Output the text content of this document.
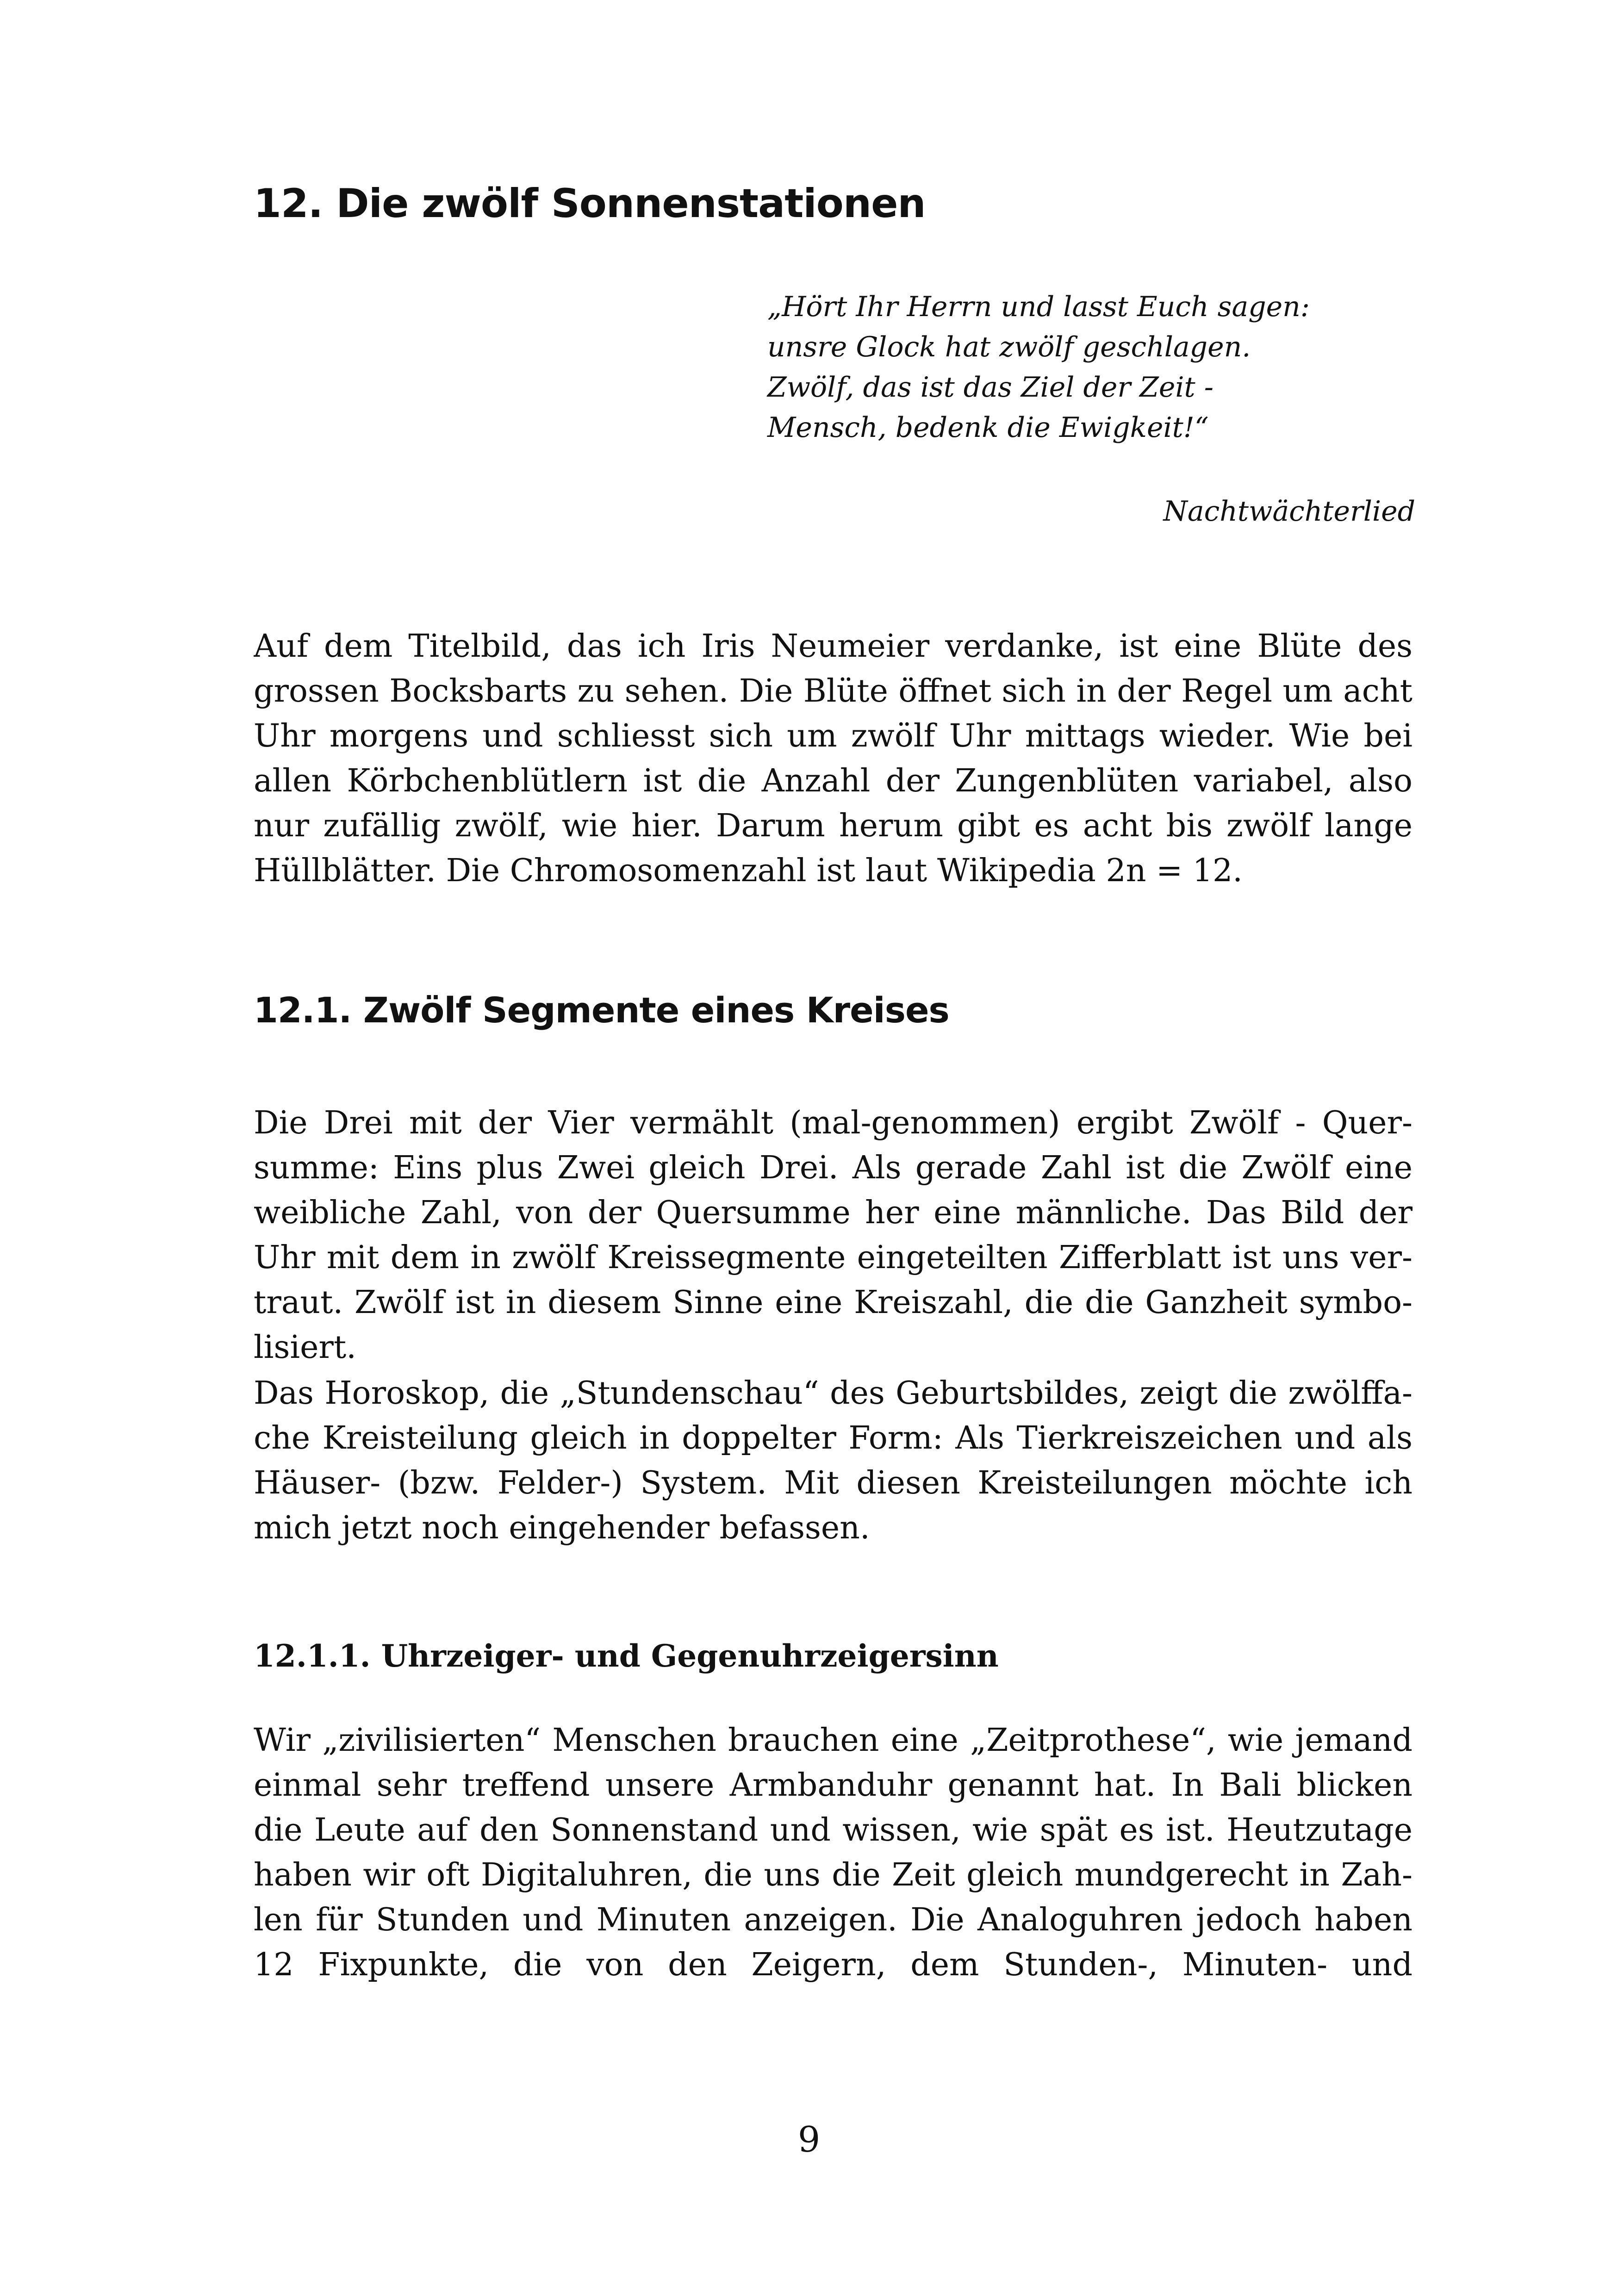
12. Die zwölf Sonnenstationen
„Hört Ihr Herrn und lasst Euch sagen:
unsre Glock hat zwölf geschlagen.
Zwölf, das ist das Ziel der Zeit -
Mensch, bedenk die Ewigkeit!“
Nachtwächterlied
Auf dem Titelbild, das ich Iris Neumeier verdanke, ist eine Blüte des
grossen Bocksbarts zu sehen. Die Blüte öffnet sich in der Regel um acht
Uhr morgens und schliesst sich um zwölf Uhr mittags wieder. Wie bei
allen Körbchenblütlern ist die Anzahl der Zungenblüten variabel, also
nur zufällig zwölf, wie hier. Darum herum gibt es acht bis zwölf lange
Hüllblätter. Die Chromosomenzahl ist laut Wikipedia 2n = 12.
12.1. Zwölf Segmente eines Kreises
Die Drei mit der Vier vermählt (mal-genommen) ergibt Zwölf - Quer-
summe: Eins plus Zwei gleich Drei. Als gerade Zahl ist die Zwölf eine
weibliche Zahl, von der Quersumme her eine männliche. Das Bild der
Uhr mit dem in zwölf Kreissegmente eingeteilten Zifferblatt ist uns ver-
traut. Zwölf ist in diesem Sinne eine Kreiszahl, die die Ganzheit symbo-
lisiert.
Das Horoskop, die „Stundenschau“ des Geburtsbildes, zeigt die zwölffa-
che Kreisteilung gleich in doppelter Form: Als Tierkreiszeichen und als
Häuser- (bzw. Felder-) System. Mit diesen Kreisteilungen möchte ich
mich jetzt noch eingehender befassen.
12.1.1. Uhrzeiger- und Gegenuhrzeigersinn
Wir „zivilisierten“ Menschen brauchen eine „Zeitprothese“, wie jemand
einmal sehr treffend unsere Armbanduhr genannt hat. In Bali blicken
die Leute auf den Sonnenstand und wissen, wie spät es ist. Heutzutage
haben wir oft Digitaluhren, die uns die Zeit gleich mundgerecht in Zah-
len für Stunden und Minuten anzeigen. Die Analoguhren jedoch haben
12 Fixpunkte, die von den Zeigern, dem Stunden-, Minuten- und
9
